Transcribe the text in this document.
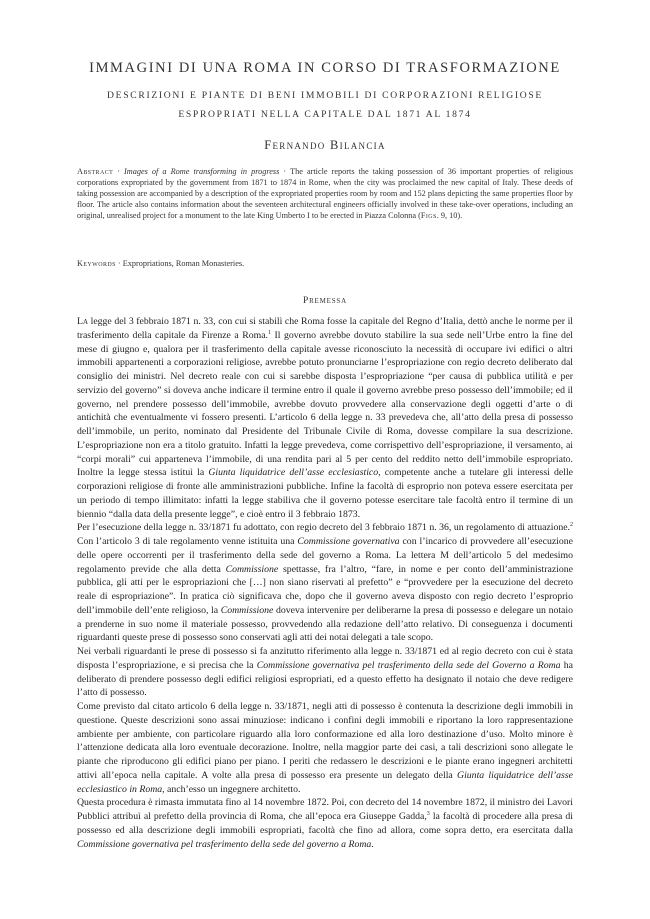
IMMAGINI DI UNA ROMA IN CORSO DI TRASFORMAZIONE
DESCRIZIONI E PIANTE DI BENI IMMOBILI DI CORPORAZIONI RELIGIOSE ESPROPRIATI NELLA CAPITALE DAL 1871 AL 1874
Fernando Bilancia
Abstract · Images of a Rome transforming in progress · The article reports the taking possession of 36 important properties of religious corporations expropriated by the government from 1871 to 1874 in Rome, when the city was proclaimed the new capital of Italy. These deeds of taking possession are accompanied by a description of the expropriated properties room by room and 152 plans depicting the same properties floor by floor. The article also contains information about the seventeen architectural engineers officially involved in these take-over operations, including an original, unrealised project for a monument to the late King Umberto I to be erected in Piazza Colonna (Figs. 9, 10).
Keywords · Expropriations, Roman Monasteries.
Premessa

La legge del 3 febbraio 1871 n. 33, con cui si stabilì che Roma fosse la capitale del Regno d’Italia, dettò anche le norme per il trasferimento della capitale da Firenze a Roma.$^1$ Il governo avrebbe dovuto stabilire la sua sede nell’Urbe entro la fine del mese di giugno e, qualora per il trasferimento della capitale avesse riconosciuto la necessità di occupare ivi edifici o altri immobili appartenenti a corporazioni religiose, avrebbe potuto pronunciarne l’espropriazione con regio decreto deliberato dal consiglio dei ministri. Nel decreto reale con cui si sarebbe disposta l’espropriazione “per causa di pubblica utilità e per servizio del governo” si doveva anche indicare il termine entro il quale il governo avrebbe preso possesso dell’immobile; ed il governo, nel prendere possesso dell’immobile, avrebbe dovuto provvedere alla conservazione degli oggetti d’arte o di antichità che eventualmente vi fossero presenti. L’articolo 6 della legge n. 33 prevedeva che, all’atto della presa di possesso dell’immobile, un perito, nominato dal Presidente del Tribunale Civile di Roma, dovesse compilare la sua descrizione. L’espropriazione non era a titolo gratuito. Infatti la legge prevedeva, come corrispettivo dell’espropriazione, il versamento, ai “corpi morali” cui appartenevа l’immobile, di una rendita pari al 5 per cento del reddito netto dell’immobile espropriato. Inoltre la legge stessa istituì la Giunta liquidatrice dell’asse ecclesiastico, competente anche a tutelare gli interessi delle corporazioni religiose di fronte alle amministrazioni pubbliche. Infine la facoltà di esproprio non poteva essere esercitata per un periodo di tempo illimitato: infatti la legge stabiliva che il governo potesse esercitare tale facoltà entro il termine di un biennio “dalla data della presente legge”, e cioè entro il 3 febbraio 1873.

Per l’esecuzione della legge n. 33/1871 fu adottato, con regio decreto del 3 febbraio 1871 n. 36, un regolamento di attuazione.$^2$ Con l’articolo 3 di tale regolamento venne istituita una Commissione governativa con l’incarico di provvedere all’esecuzione delle opere occorrenti per il trasferimento della sede del governo a Roma. La lettera M dell’articolo 5 del medesimo regolamento previde che alla detta Commissione spettasse, fra l’altro, “fare, in nome e per conto dell’amministrazione pubblica, gli atti per le espropriazioni che […] non siano riservati al prefetto” e “provvedere per la esecuzione del decreto reale di espropriazione”. In pratica ciò significava che, dopo che il governo aveva disposto con regio decreto l’esproprio dell’immobile dell’ente religioso, la Commissione doveva intervenire per deliberarne la presa di possesso e delegare un notaio a prenderne in suo nome il materiale possesso, provvedendo alla redazione dell’atto relativo. Di conseguenza i documenti riguardanti queste prese di possesso sono conservati agli atti dei notai delegati a tale scopo.

Nei verbali riguardanti le prese di possesso si fa anzitutto riferimento alla legge n. 33/1871 ed al regio decreto con cui è stata disposta l’espropriazione, e si precisa che la Commissione governativa pel trasferimento della sede del Governo a Roma ha deliberato di prendere possesso degli edifici religiosi espropriati, ed a questo effetto ha designato il notaio che deve redigere l’atto di possesso.

Come previsto dal citato articolo 6 della legge n. 33/1871, negli atti di possesso è contenuta la descrizione degli immobili in questione. Queste descrizioni sono assai minuziose: indicano i confini degli immobili e riportano la loro rappresentazione ambiente per ambiente, con particolare riguardo alla loro conformazione ed alla loro destinazione d’uso. Molto minore è l’attenzione dedicata alla loro eventuale decorazione. Inoltre, nella maggior parte dei casi, a tali descrizioni sono allegate le piante che riproducono gli edifici piano per piano. I periti che redassero le descrizioni e le piante erano ingegneri architetti attivi all’epoca nella capitale. A volte alla presa di possesso era presente un delegato della Giunta liquidatrice dell’asse ecclesiastico in Roma, anch’esso un ingegnere architetto.

Questa procedura è rimasta immutata fino al 14 novembre 1872. Poi, con decreto del 14 novembre 1872, il ministro dei Lavori Pubblici attribuì al prefetto della provincia di Roma, che all’epoca era Giuseppe Gadda,$^3$ la facoltà di procedere alla presa di possesso ed alla descrizione degli immobili espropriati, facoltà che fino ad allora, come sopra detto, era esercitata dalla Commissione governativa pel trasferimento della sede del governo a Roma.
